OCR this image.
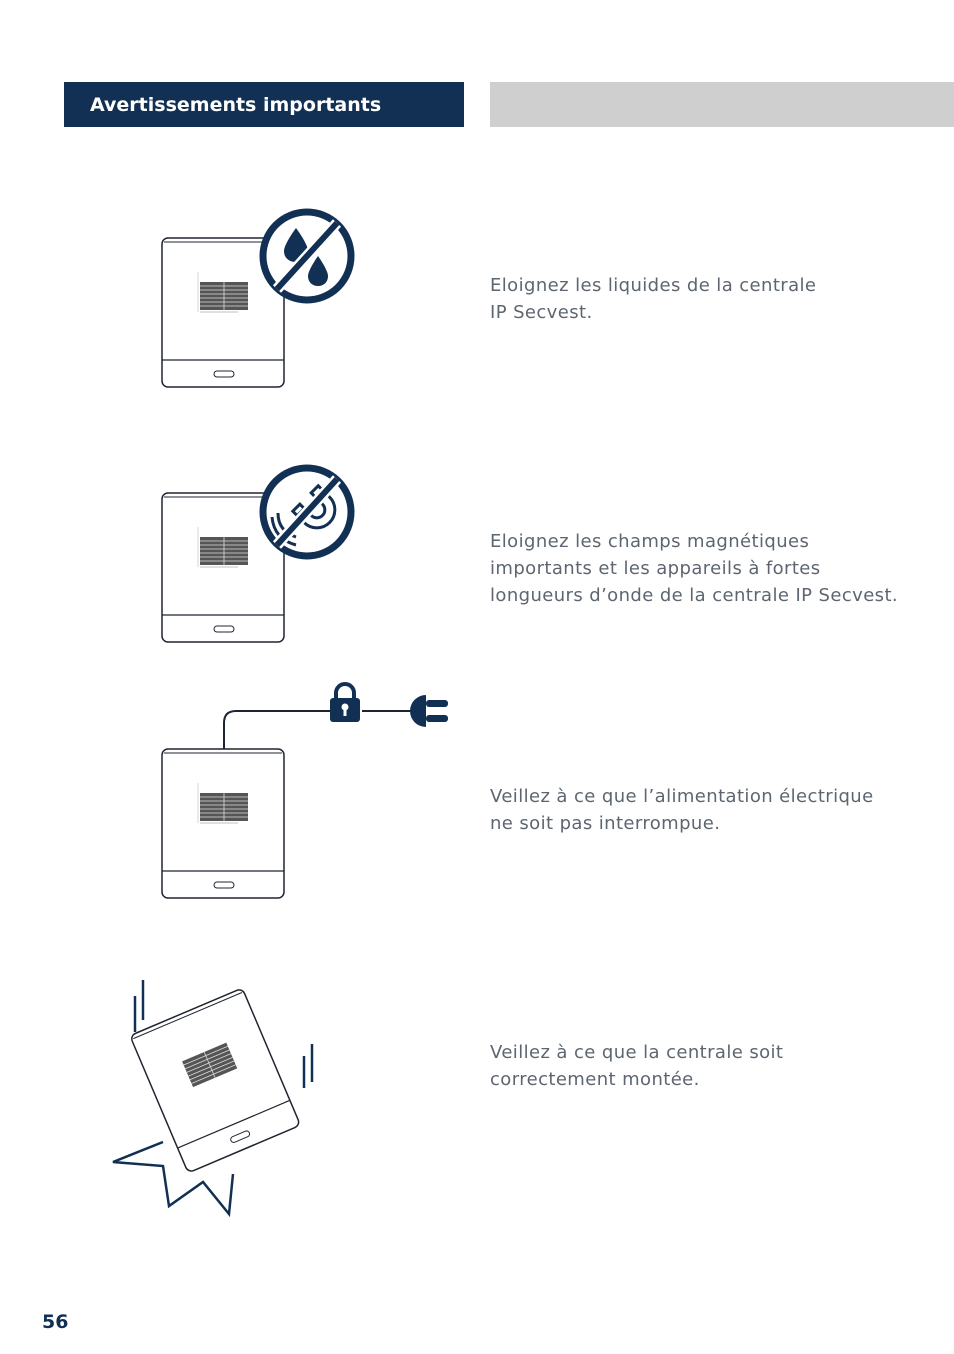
Avertissements importants
Eloignez les liquides de la centrale
IP Secvest.
Eloignez les champs magnétiques
importants et les appareils à fortes
longueurs d’onde de la centrale IP Secvest.
Veillez à ce que l’alimentation électrique
ne soit pas interrompue.
Veillez à ce que la centrale soit
correctement montée.
56
